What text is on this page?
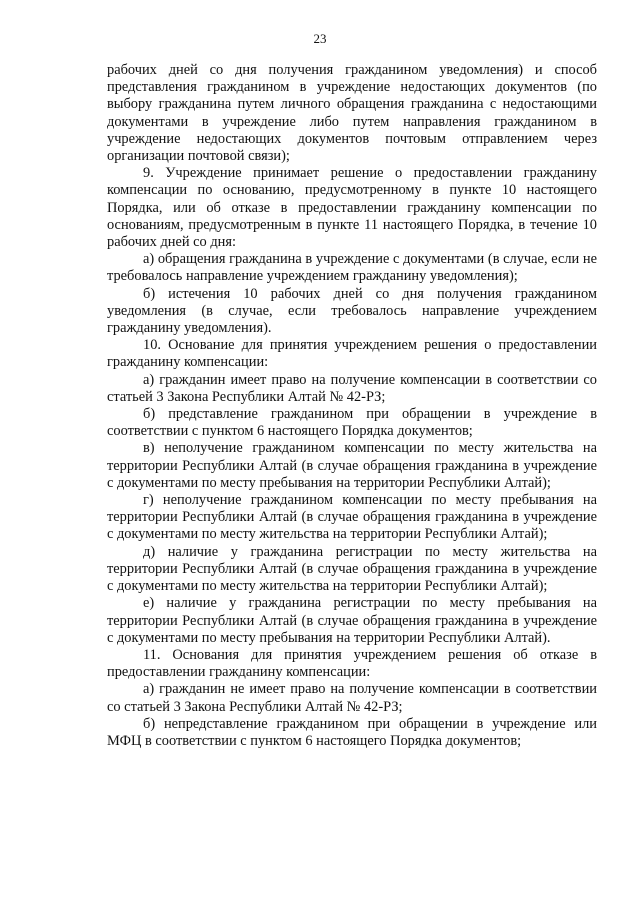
23

рабочих дней со дня получения гражданином уведомления) и способ представления гражданином в учреждение недостающих документов (по выбору гражданина путем личного обращения гражданина с недостающими документами в учреждение либо путем направления гражданином в учреждение недостающих документов почтовым отправлением через организации почтовой связи);

9. Учреждение принимает решение о предоставлении гражданину компенсации по основанию, предусмотренному в пункте 10 настоящего Порядка, или об отказе в предоставлении гражданину компенсации по основаниям, предусмотренным в пункте 11 настоящего Порядка, в течение 10 рабочих дней со дня:

а) обращения гражданина в учреждение с документами (в случае, если не требовалось направление учреждением гражданину уведомления);

б) истечения 10 рабочих дней со дня получения гражданином уведомления (в случае, если требовалось направление учреждением гражданину уведомления).

10. Основание для принятия учреждением решения о предоставлении гражданину компенсации:

а) гражданин имеет право на получение компенсации в соответствии со статьей 3 Закона Республики Алтай № 42-РЗ;

б) представление гражданином при обращении в учреждение в соответствии с пунктом 6 настоящего Порядка документов;

в) неполучение гражданином компенсации по месту жительства на территории Республики Алтай (в случае обращения гражданина в учреждение с документами по месту пребывания на территории Республики Алтай);

г) неполучение гражданином компенсации по месту пребывания на территории Республики Алтай (в случае обращения гражданина в учреждение с документами по месту жительства на территории Республики Алтай);

д) наличие у гражданина регистрации по месту жительства на территории Республики Алтай (в случае обращения гражданина в учреждение с документами по месту жительства на территории Республики Алтай);

е) наличие у гражданина регистрации по месту пребывания на территории Республики Алтай (в случае обращения гражданина в учреждение с документами по месту пребывания на территории Республики Алтай).

11. Основания для принятия учреждением решения об отказе в предоставлении гражданину компенсации:

а) гражданин не имеет право на получение компенсации в соответствии со статьей 3 Закона Республики Алтай № 42-РЗ;

б) непредставление гражданином при обращении в учреждение или МФЦ в соответствии с пунктом 6 настоящего Порядка документов;
